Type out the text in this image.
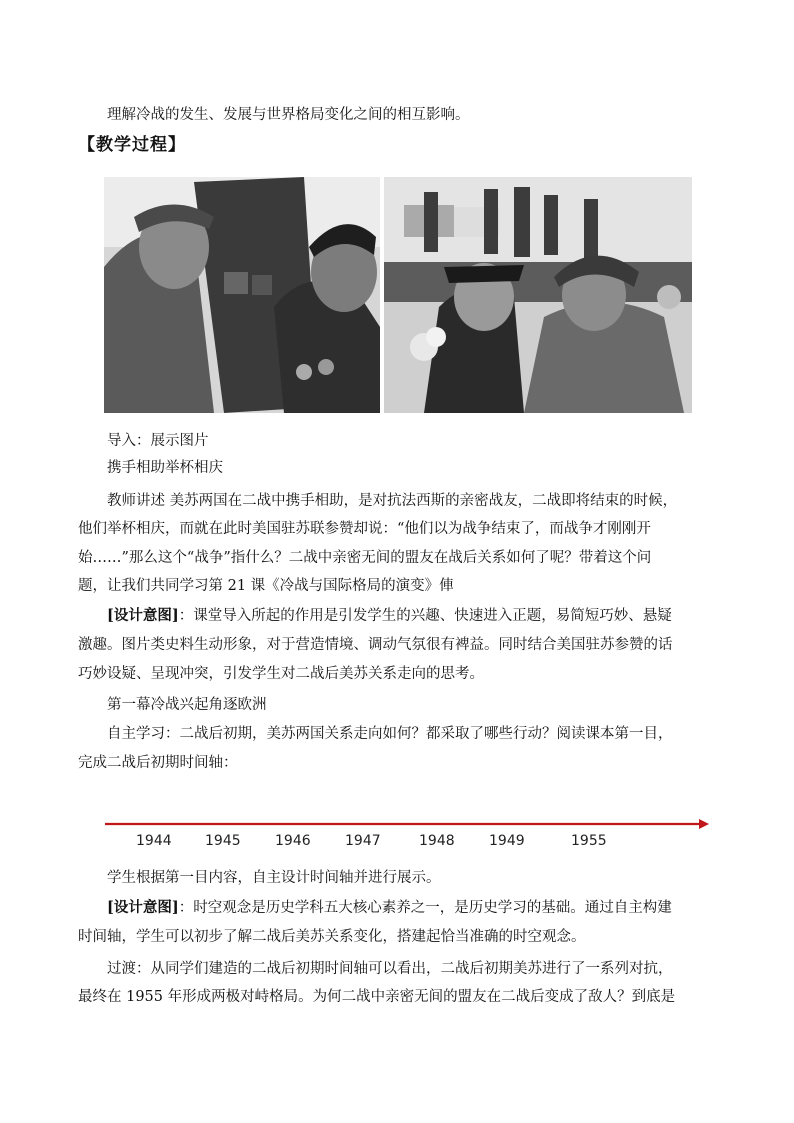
理解冷战的发生、发展与世界格局变化之间的相互影响。
【教学过程】
导入：展示图片
携手相助举杯相庆
教师讲述 美苏两国在二战中携手相助，是对抗法西斯的亲密战友，二战即将结束的时候，
他们举杯相庆，而就在此时美国驻苏联参赞却说：“他们以为战争结束了，而战争才刚刚开
始……”那么这个“战争”指什么？二战中亲密无间的盟友在战后关系如何了呢？带着这个问
题，让我们共同学习第 21 课《冷战与国际格局的演变》俥
[设计意图]：课堂导入所起的作用是引发学生的兴趣、快速进入正题，易简短巧妙、悬疑
激趣。图片类史料生动形象，对于营造情境、调动气氛很有裨益。同时结合美国驻苏参赞的话
巧妙设疑、呈现冲突，引发学生对二战后美苏关系走向的思考。
第一幕冷战兴起角逐欧洲
自主学习：二战后初期，美苏两国关系走向如何？都采取了哪些行动？阅读课本第一目，
完成二战后初期时间轴：
1944 1945 1946 1947	1948 1949	1955
学生根据第一目内容，自主设计时间轴并进行展示。
[设计意图]：时空观念是历史学科五大核心素养之一，是历史学习的基础。通过自主构建
时间轴，学生可以初步了解二战后美苏关系变化，搭建起恰当准确的时空观念。
过渡：从同学们建造的二战后初期时间轴可以看出，二战后初期美苏进行了一系列对抗，
最终在 1955 年形成两极对峙格局。为何二战中亲密无间的盟友在二战后变成了敌人？到底是
